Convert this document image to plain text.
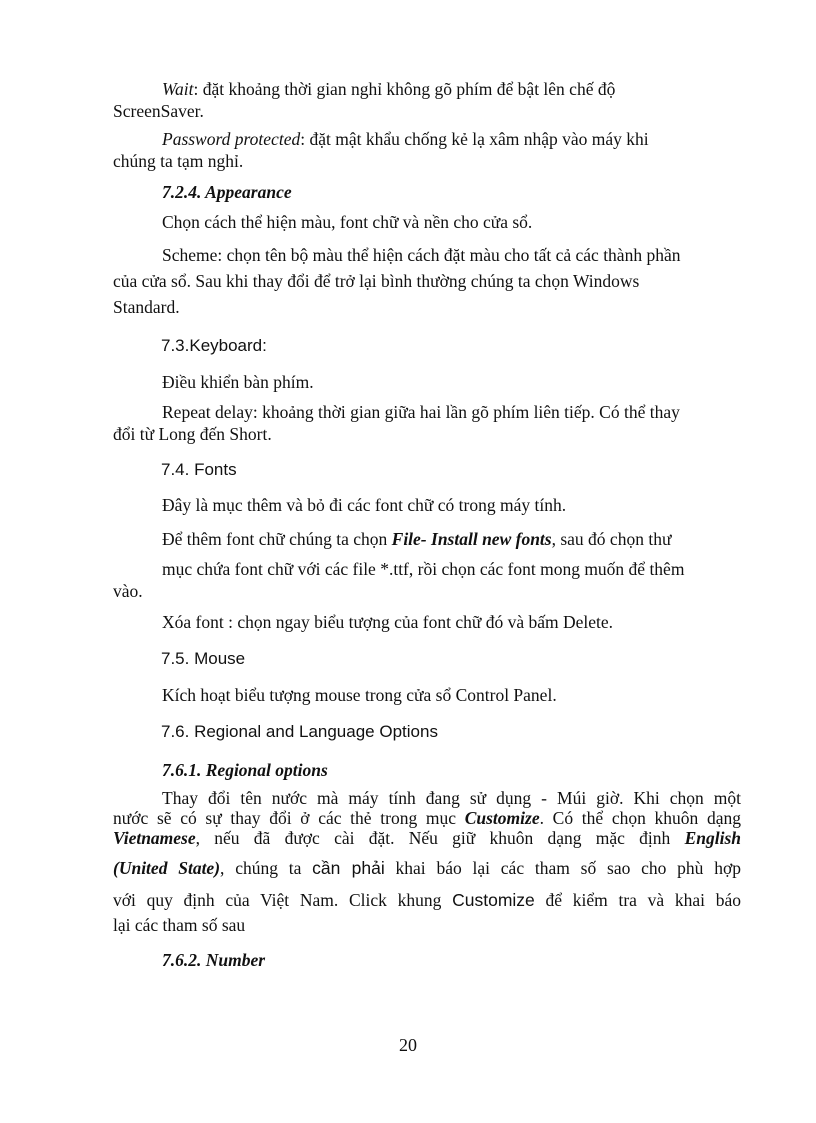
Wait: đặt khoảng thời gian nghỉ không gõ phím để bật lên chế độ
ScreenSaver.

Password protected: đặt mật khẩu chống kẻ lạ xâm nhập vào máy khi
chúng ta tạm nghỉ.

7.2.4. Appearance

Chọn cách thể hiện màu, font chữ và nền cho cửa sổ.

Scheme: chọn tên bộ màu thể hiện cách đặt màu cho tất cả các thành phần
của cửa sổ. Sau khi thay đổi để trở lại bình thường chúng ta chọn Windows
Standard.

7.3.Keyboard:

Điều khiển bàn phím.

Repeat delay: khoảng thời gian giữa hai lần gõ phím liên tiếp. Có thể thay
đổi từ Long đến Short.

7.4. Fonts

Đây là mục thêm và bỏ đi các font chữ có trong máy tính.

Để thêm font chữ chúng ta chọn File- Install new fonts, sau đó chọn thư

mục chứa font chữ với các file *.ttf, rồi chọn các font mong muốn để thêm
vào.

Xóa font : chọn ngay biểu tượng của font chữ đó và bấm Delete.

7.5. Mouse

Kích hoạt biểu tượng mouse trong cửa sổ Control Panel.

7.6. Regional and Language Options

7.6.1. Regional options

Thay đổi tên nước mà máy tính đang sử dụng - Múi giờ. Khi chọn một
nước sẽ có sự thay đổi ở các thẻ trong mục Customize. Có thể chọn khuôn dạng
Vietnamese, nếu đã được cài đặt. Nếu giữ khuôn dạng mặc định English
(United State), chúng ta cần phải khai báo lại các tham số sao cho phù hợp
với quy định của Việt Nam. Click khung Customize để kiểm tra và khai báo
lại các tham số sau

7.6.2. Number

20
